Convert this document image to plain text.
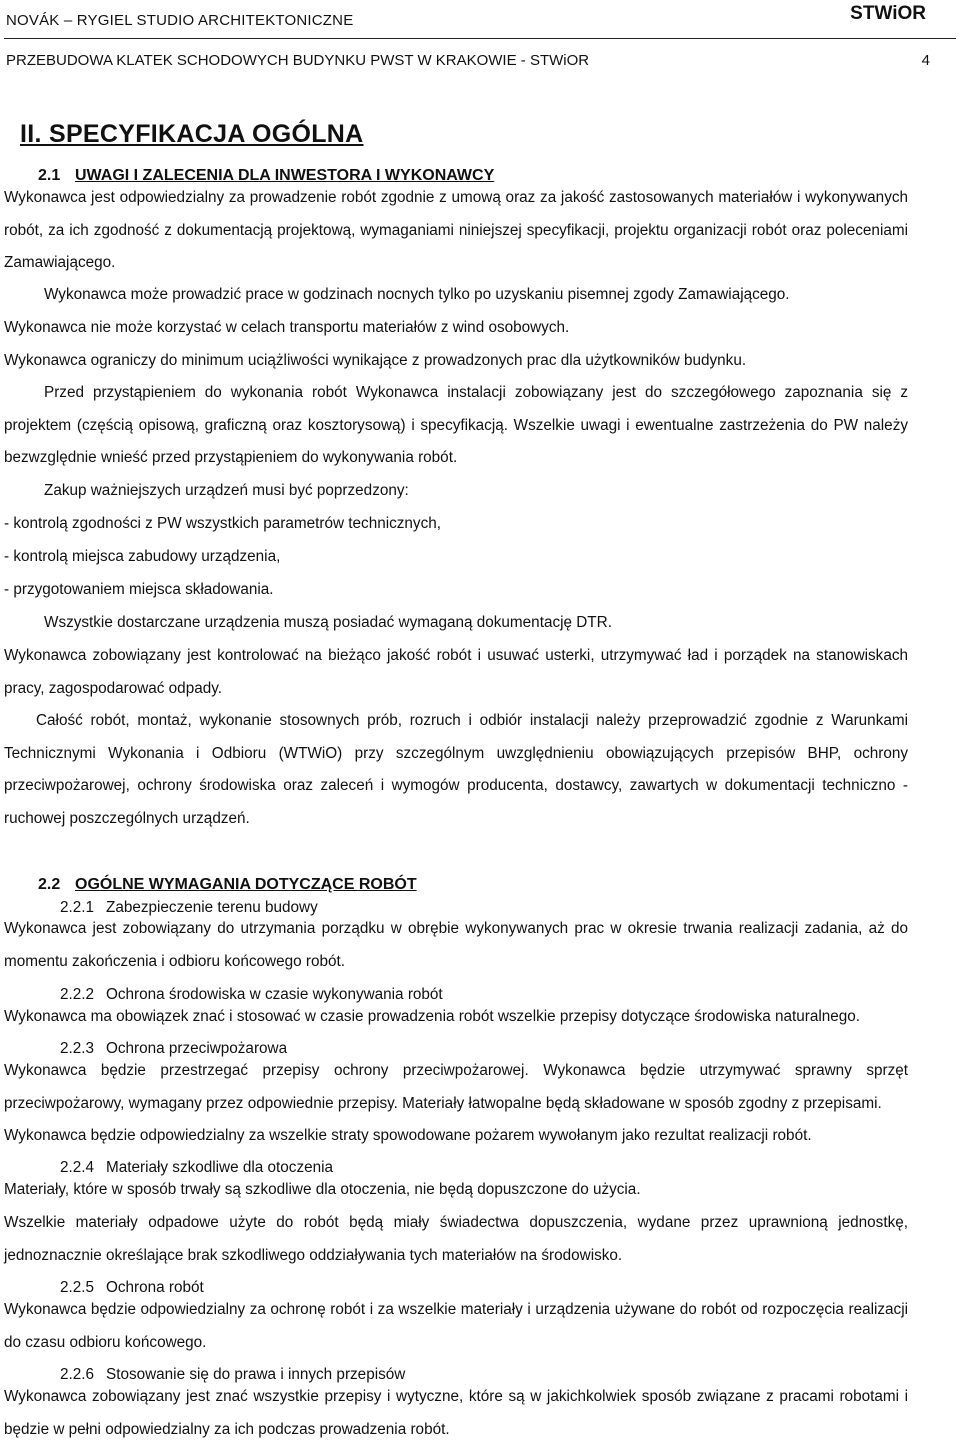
NOVÁK – RYGIEL STUDIO ARCHITEKTONICZNE	STWiOR
PRZEBUDOWA KLATEK SCHODOWYCH BUDYNKU PWST W KRAKOWIE - STWiOR	4
II. SPECYFIKACJA OGÓLNA
2.1 UWAGI I ZALECENIA DLA INWESTORA I WYKONAWCY
Wykonawca jest odpowiedzialny za prowadzenie robót zgodnie z umową oraz za jakość zastosowanych materiałów i wykonywanych robót, za ich zgodność z dokumentacją projektową, wymaganiami niniejszej specyfikacji, projektu organizacji robót oraz poleceniami Zamawiającego.
Wykonawca może prowadzić prace w godzinach nocnych tylko po uzyskaniu pisemnej zgody Zamawiającego.
Wykonawca nie może korzystać w celach transportu materiałów z wind osobowych.
Wykonawca ograniczy do minimum uciążliwości wynikające z prowadzonych prac dla użytkowników budynku.
Przed przystąpieniem do wykonania robót Wykonawca instalacji zobowiązany jest do szczegółowego zapoznania się z projektem (częścią opisową, graficzną oraz kosztorysową) i specyfikacją. Wszelkie uwagi i ewentualne zastrzeżenia do PW należy bezwzględnie wnieść przed przystąpieniem do wykonywania robót.
Zakup ważniejszych urządzeń musi być poprzedzony:
- kontrolą zgodności z PW wszystkich parametrów technicznych,
- kontrolą miejsca zabudowy urządzenia,
- przygotowaniem miejsca składowania.
Wszystkie dostarczane urządzenia muszą posiadać wymaganą dokumentację DTR.
Wykonawca zobowiązany jest kontrolować na bieżąco jakość robót i usuwać usterki, utrzymywać ład i porządek na stanowiskach pracy, zagospodarować odpady.
Całość robót, montaż, wykonanie stosownych prób, rozruch i odbiór instalacji należy przeprowadzić zgodnie z Warunkami Technicznymi Wykonania i Odbioru (WTWiO) przy szczególnym uwzględnieniu obowiązujących przepisów BHP, ochrony przeciwpożarowej, ochrony środowiska oraz zaleceń i wymogów producenta, dostawcy, zawartych w dokumentacji techniczno - ruchowej poszczególnych urządzeń.
2.2 OGÓLNE WYMAGANIA DOTYCZĄCE ROBÓT
2.2.1 Zabezpieczenie terenu budowy
Wykonawca jest zobowiązany do utrzymania porządku w obrębie wykonywanych prac w okresie trwania realizacji zadania, aż do momentu zakończenia i odbioru końcowego robót.
2.2.2 Ochrona środowiska w czasie wykonywania robót
Wykonawca ma obowiązek znać i stosować w czasie prowadzenia robót wszelkie przepisy dotyczące środowiska naturalnego.
2.2.3 Ochrona przeciwpożarowa
Wykonawca będzie przestrzegać przepisy ochrony przeciwpożarowej. Wykonawca będzie utrzymywać sprawny sprzęt przeciwpożarowy, wymagany przez odpowiednie przepisy. Materiały łatwopalne będą składowane w sposób zgodny z przepisami.
Wykonawca będzie odpowiedzialny za wszelkie straty spowodowane pożarem wywołanym jako rezultat realizacji robót.
2.2.4 Materiały szkodliwe dla otoczenia
Materiały, które w sposób trwały są szkodliwe dla otoczenia, nie będą dopuszczone do użycia.
Wszelkie materiały odpadowe użyte do robót będą miały świadectwa dopuszczenia, wydane przez uprawnioną jednostkę, jednoznacznie określające brak szkodliwego oddziaływania tych materiałów na środowisko.
2.2.5 Ochrona robót
Wykonawca będzie odpowiedzialny za ochronę robót i za wszelkie materiały i urządzenia używane do robót od rozpoczęcia realizacji do czasu odbioru końcowego.
2.2.6 Stosowanie się do prawa i innych przepisów
Wykonawca zobowiązany jest znać wszystkie przepisy i wytyczne, które są w jakichkolwiek sposób związane z pracami robotami i będzie w pełni odpowiedzialny za ich podczas prowadzenia robót.
